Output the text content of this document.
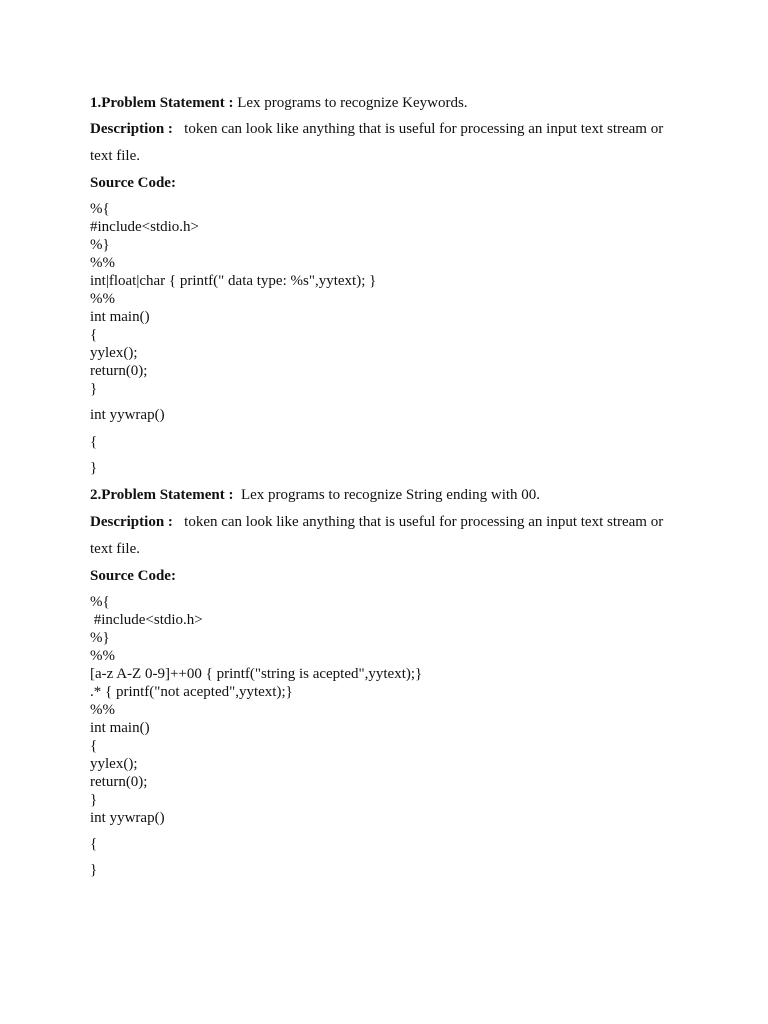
1.Problem Statement : Lex programs to recognize Keywords.
Description :   token can look like anything that is useful for processing an input text stream or
text file.
Source Code:
%{
#include<stdio.h>
%}
%%
int|float|char { printf(" data type: %s",yytext); }
%%
int main()
{
yylex();
return(0);
}
int yywrap()
{
}
2.Problem Statement :  Lex programs to recognize String ending with 00.
Description :   token can look like anything that is useful for processing an input text stream or
text file.
Source Code:
%{
#include<stdio.h>
%}
%%
[a-z A-Z 0-9]++00 { printf("string is acepted",yytext);}
.* { printf("not acepted",yytext);}
%%
int main()
{
yylex();
return(0);
}
int yywrap()
{
}
